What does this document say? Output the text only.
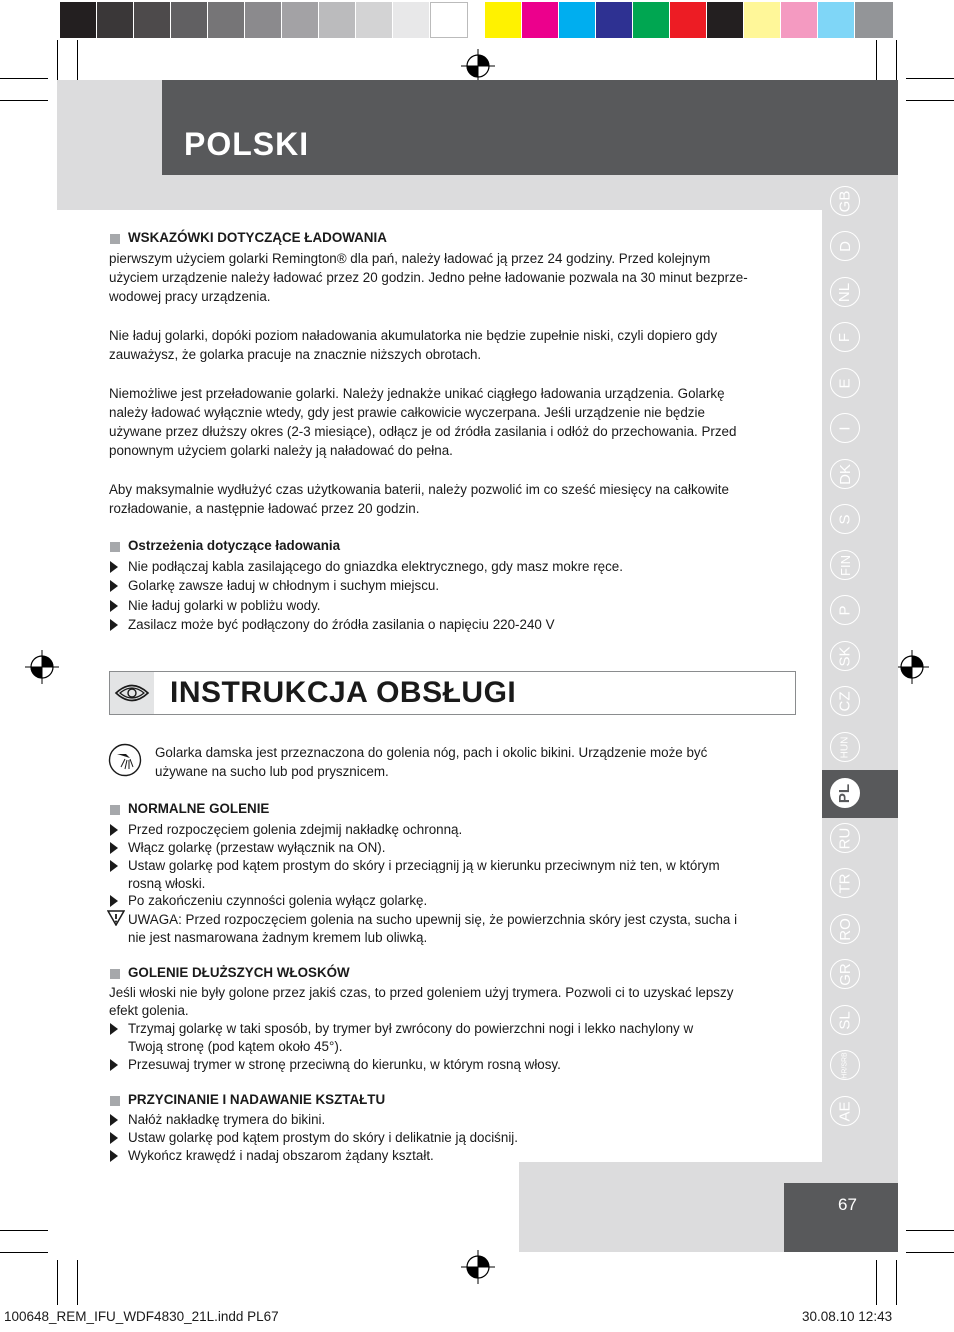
POLSKI
GB
D
NL
F
E
I
DK
S
FIN
P
SK
CZ
HUN
PL
RU
TR
RO
GR
SL
HR/SRB
AE
WSKAZÓWKI DOTYCZĄCE ŁADOWANIA
pierwszym użyciem golarki Remington® dla pań, należy ładować ją przez 24 godziny. Przed kolejnym
użyciem urządzenie należy ładować przez 20 godzin. Jedno pełne ładowanie pozwala na 30 minut bezprze-
wodowej pracy urządzenia.
Nie ładuj golarki, dopóki poziom naładowania akumulatorka nie będzie zupełnie niski, czyli dopiero gdy
zauważysz, że golarka pracuje na znacznie niższych obrotach.
Niemożliwe jest przeładowanie golarki. Należy jednakże unikać ciągłego ładowania urządzenia. Golarkę
należy ładować wyłącznie wtedy, gdy jest prawie całkowicie wyczerpana. Jeśli urządzenie nie będzie
używane przez dłuższy okres (2-3 miesiące), odłącz je od źródła zasilania i odłóż do przechowania. Przed
ponownym użyciem golarki należy ją naładować do pełna.
Aby maksymalnie wydłużyć czas użytkowania baterii, należy pozwolić im co sześć miesięcy na całkowite
rozładowanie, a następnie ładować przez 20 godzin.
Ostrzeżenia dotyczące ładowania
Nie podłączaj kabla zasilającego do gniazdka elektrycznego, gdy masz mokre ręce.
Golarkę zawsze ładuj w chłodnym i suchym miejscu.
Nie ładuj golarki w pobliżu wody.
Zasilacz może być podłączony do źródła zasilania o napięciu 220-240 V
INSTRUKCJA OBSŁUGI
Golarka damska jest przeznaczona do golenia nóg, pach i okolic bikini. Urządzenie może być
używane na sucho lub pod prysznicem.
NORMALNE GOLENIE
Przed rozpoczęciem golenia zdejmij nakładkę ochronną.
Włącz golarkę (przestaw wyłącznik na ON).
Ustaw golarkę pod kątem prostym do skóry i przeciągnij ją w kierunku przeciwnym niż ten, w którym
rosną włoski.
Po zakończeniu czynności golenia wyłącz golarkę.
UWAGA: Przed rozpoczęciem golenia na sucho upewnij się, że powierzchnia skóry jest czysta, sucha i
nie jest nasmarowana żadnym kremem lub oliwką.
GOLENIE DŁUŻSZYCH WŁOSKÓW
Jeśli włoski nie były golone przez jakiś czas, to przed goleniem użyj trymera. Pozwoli ci to uzyskać lepszy
efekt golenia.
Trzymaj golarkę w taki sposób, by trymer był zwrócony do powierzchni nogi i lekko nachylony w
Twoją stronę (pod kątem około 45°).
Przesuwaj trymer w stronę przeciwną do kierunku, w którym rosną włosy.
PRZYCINANIE I NADAWANIE KSZTAŁTU
Nałóż nakładkę trymera do bikini.
Ustaw golarkę pod kątem prostym do skóry i delikatnie ją dociśnij.
Wykończ krawędź i nadaj obszarom żądany kształt.
67
100648_REM_IFU_WDF4830_21L.indd PL67	30.08.10 12:43
